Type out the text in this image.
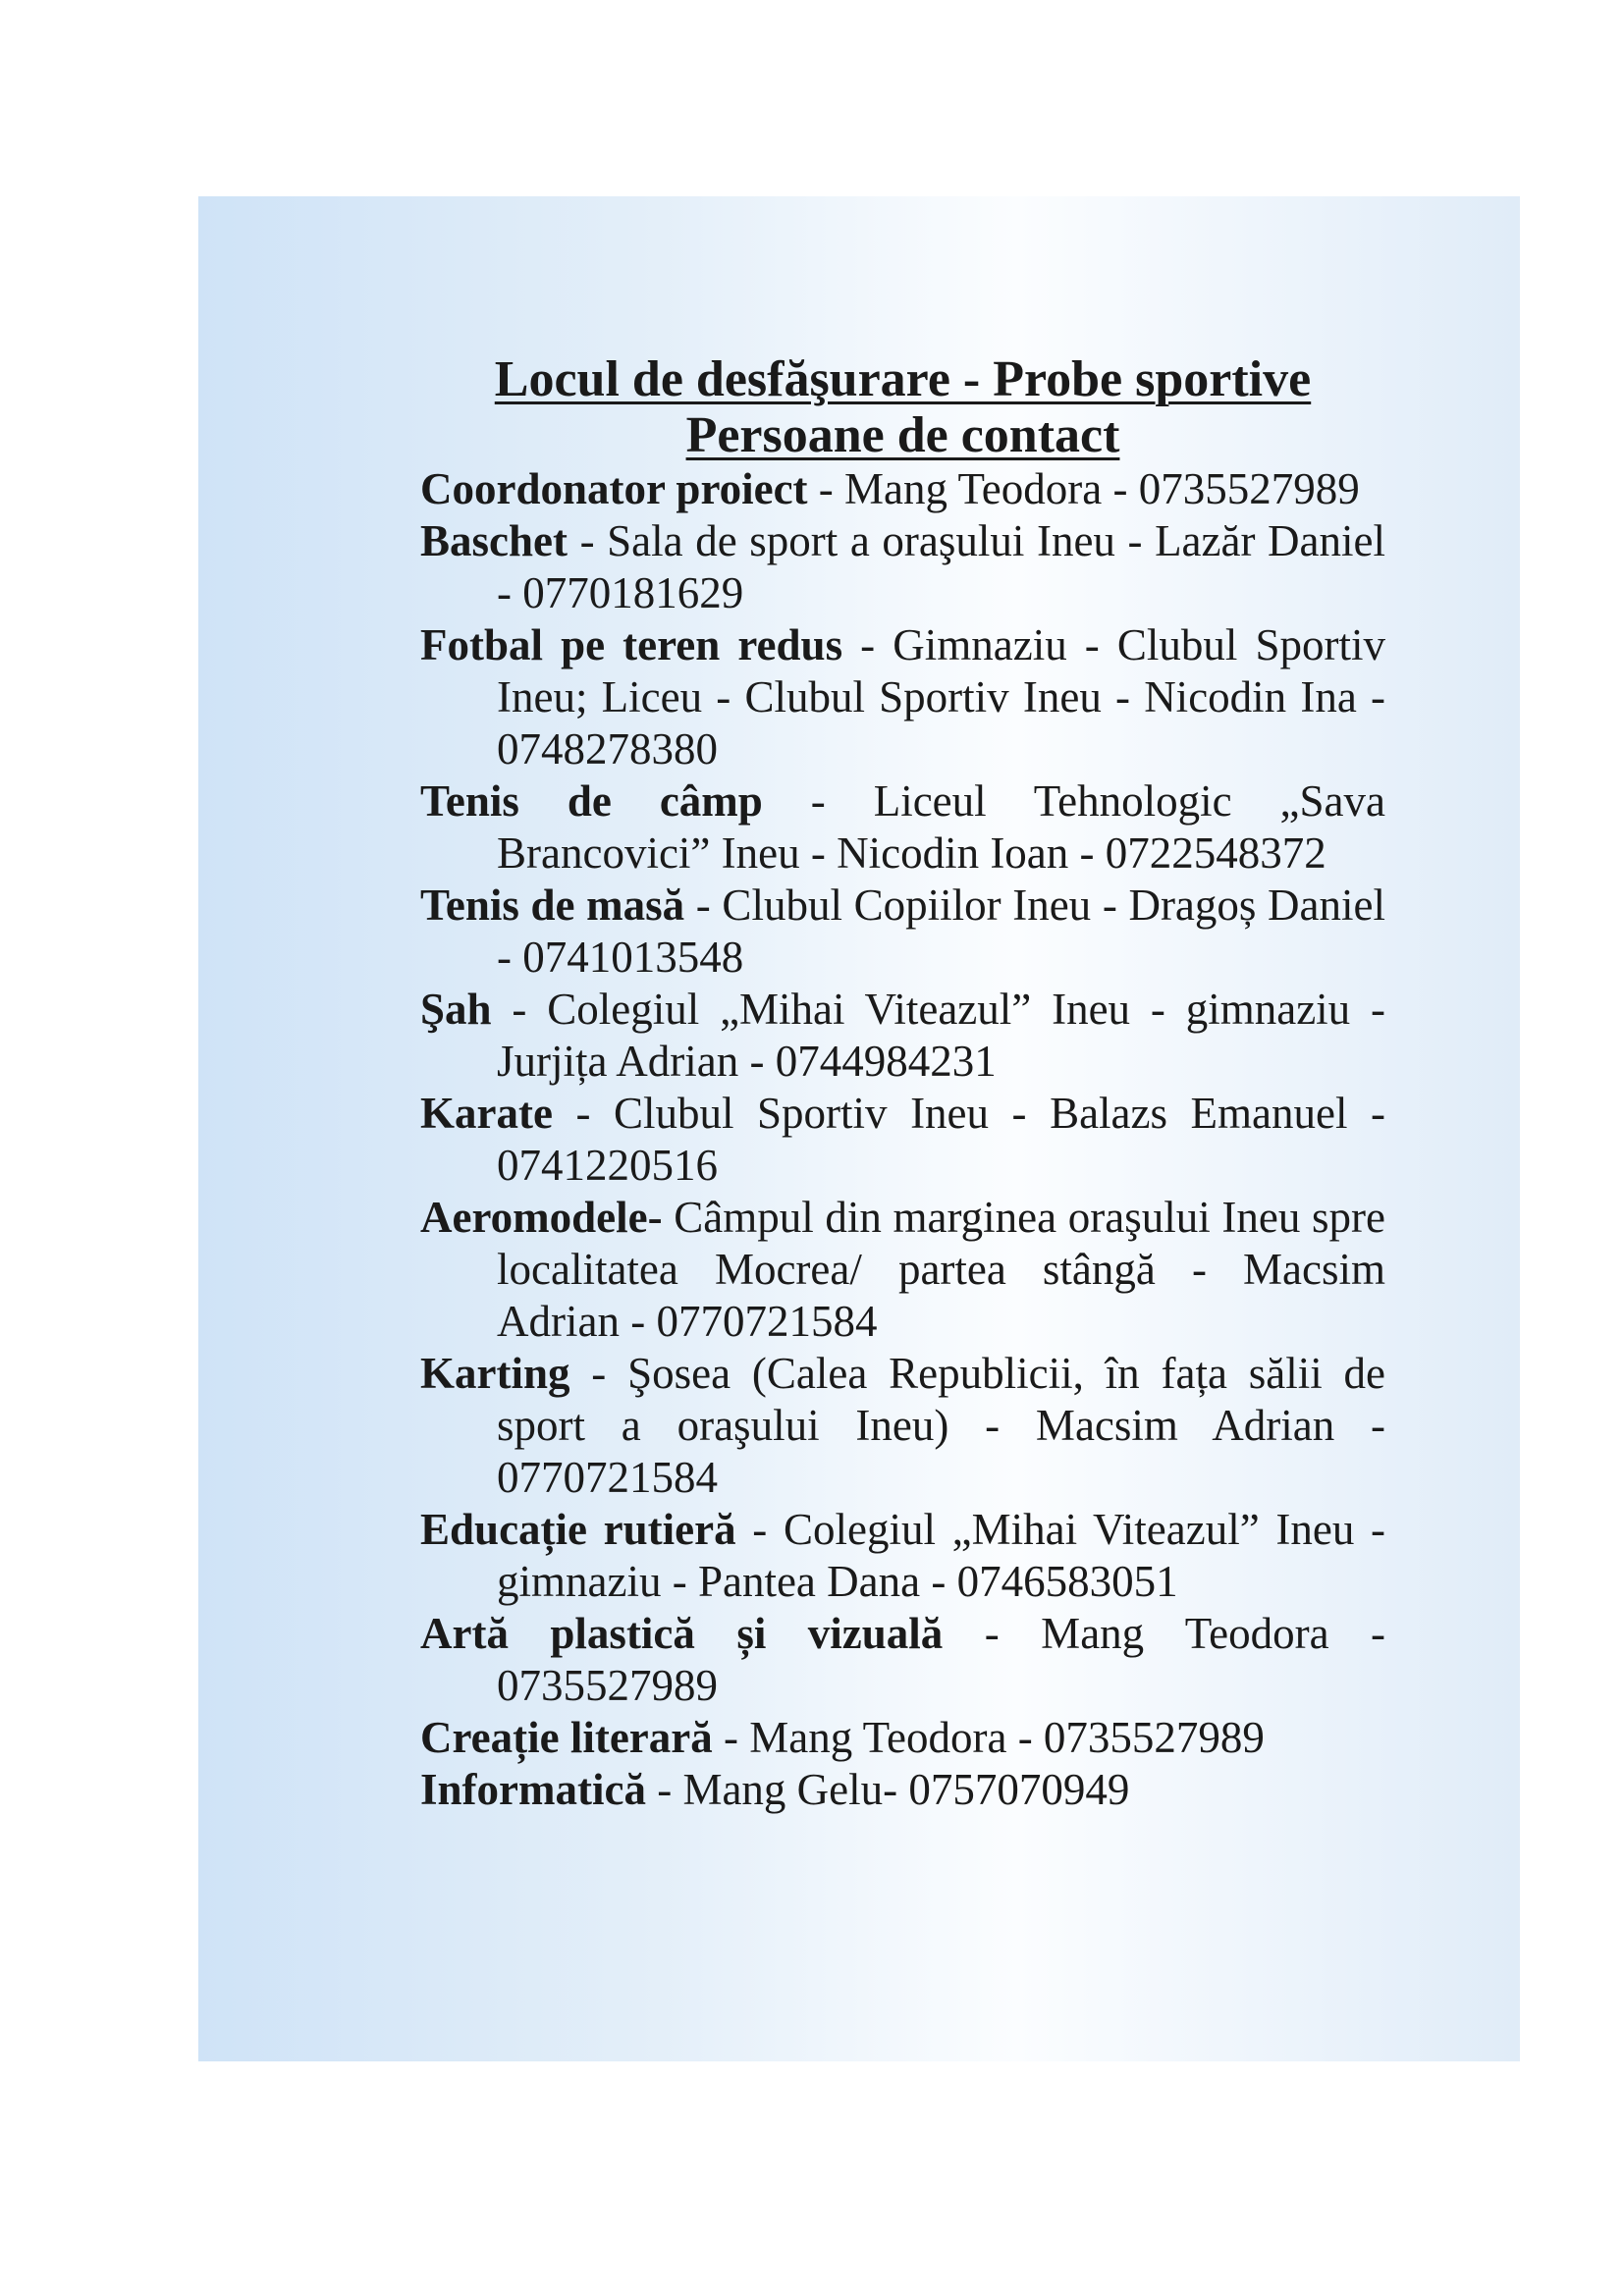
Locul de desfăşurare - Probe sportive
Persoane de contact
Coordonator proiect - Mang Teodora - 0735527989
Baschet - Sala de sport a oraşului Ineu - Lazăr Daniel - 0770181629
Fotbal pe teren redus - Gimnaziu - Clubul Sportiv Ineu; Liceu - Clubul Sportiv Ineu - Nicodin Ina - 0748278380
Tenis de câmp - Liceul Tehnologic „Sava Brancovici” Ineu - Nicodin Ioan - 0722548372
Tenis de masă - Clubul Copiilor Ineu - Dragoș Daniel - 0741013548
Şah - Colegiul „Mihai Viteazul” Ineu - gimnaziu - Jurjița Adrian - 0744984231
Karate - Clubul Sportiv Ineu - Balazs Emanuel - 0741220516
Aeromodele- Câmpul din marginea oraşului Ineu spre localitatea Mocrea/ partea stângă - Macsim Adrian - 0770721584
Karting - Şosea (Calea Republicii, în fața sălii de sport a oraşului Ineu) - Macsim Adrian - 0770721584
Educație rutieră - Colegiul „Mihai Viteazul” Ineu - gimnaziu - Pantea Dana - 0746583051
Artă plastică și vizuală - Mang Teodora - 0735527989
Creație literară - Mang Teodora - 0735527989
Informatică - Mang Gelu- 0757070949
